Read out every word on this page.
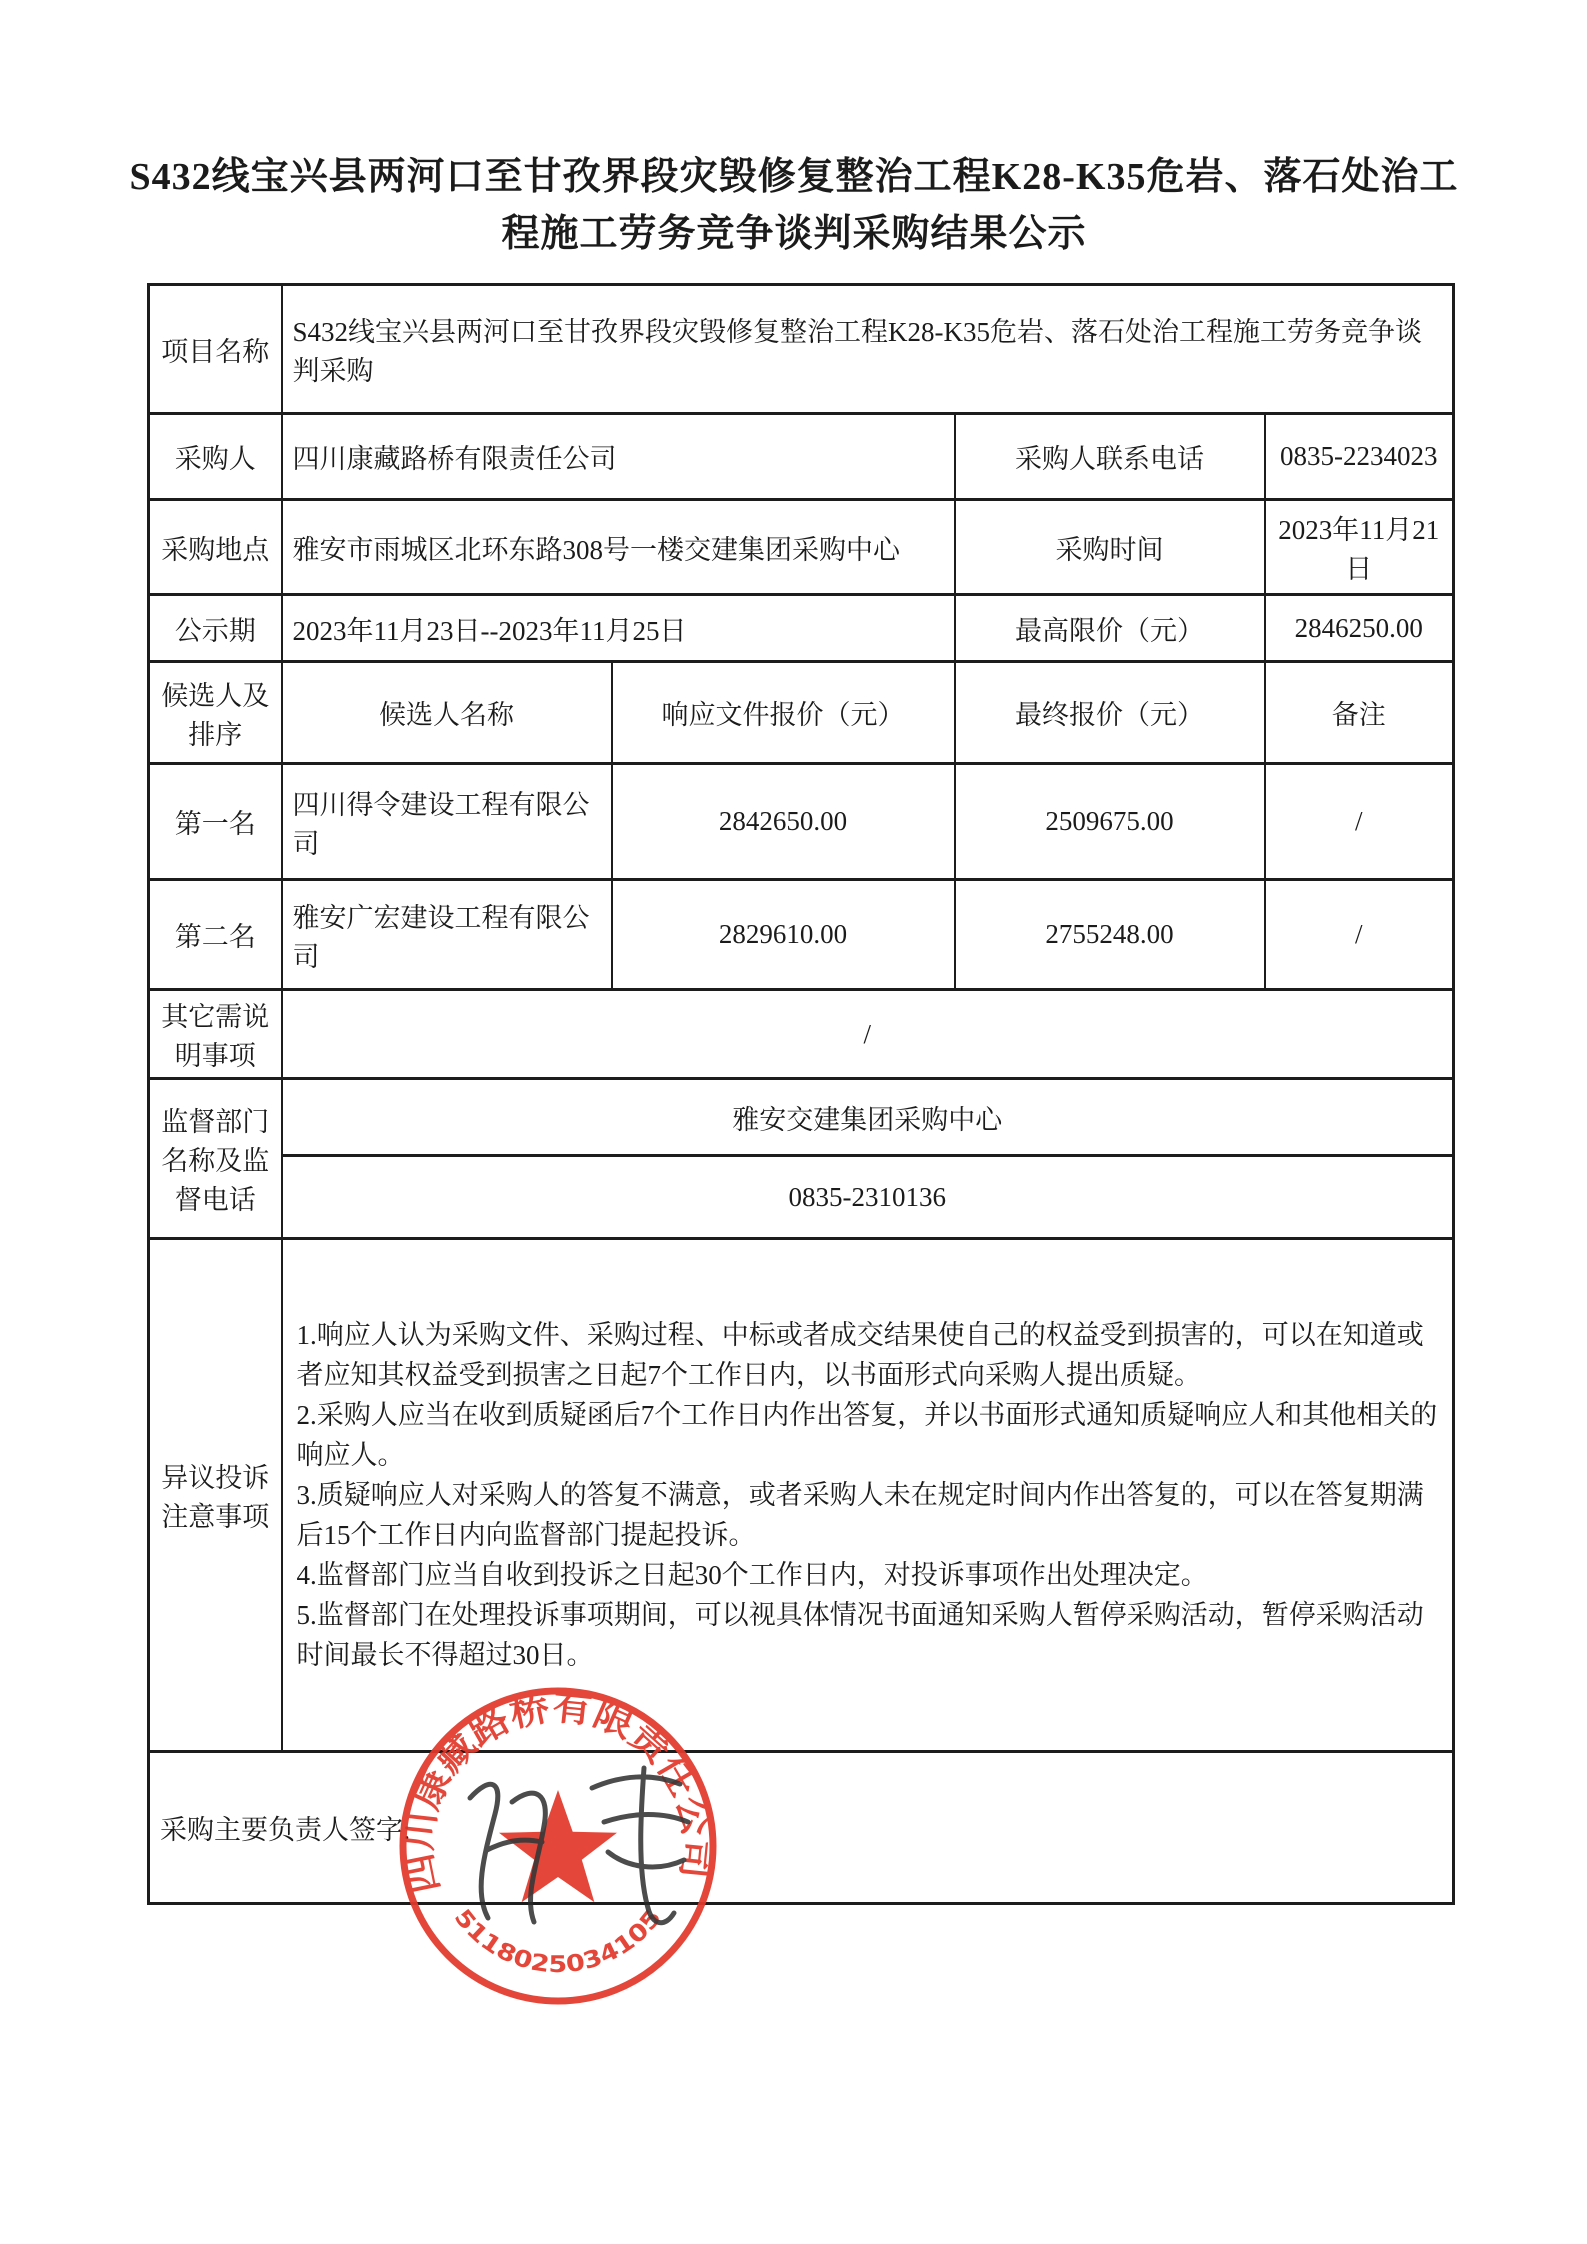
S432线宝兴县两河口至甘孜界段灾毁修复整治工程K28-K35危岩、落石处治工程施工劳务竞争谈判采购结果公示
项目名称	S432线宝兴县两河口至甘孜界段灾毁修复整治工程K28-K35危岩、落石处治工程施工劳务竞争谈判采购			
采购人	四川康藏路桥有限责任公司		采购人联系电话	0835-2234023
采购地点	雅安市雨城区北环东路308号一楼交建集团采购中心		采购时间	2023年11月21日
公示期	2023年11月23日--2023年11月25日		最高限价（元）	2846250.00
候选人及排序	候选人名称	响应文件报价（元）	最终报价（元）	备注
第一名	四川得令建设工程有限公司	2842650.00	2509675.00	/
第二名	雅安广宏建设工程有限公司	2829610.00	2755248.00	/
其它需说明事项	/			
监督部门名称及监督电话	雅安交建集团采购中心			
	0835-2310136			
异议投诉注意事项	1.响应人认为采购文件、采购过程、中标或者成交结果使自己的权益受到损害的，可以在知道或者应知其权益受到损害之日起7个工作日内，以书面形式向采购人提出质疑。
2.采购人应当在收到质疑函后7个工作日内作出答复，并以书面形式通知质疑响应人和其他相关的响应人。
3.质疑响应人对采购人的答复不满意，或者采购人未在规定时间内作出答复的，可以在答复期满后15个工作日内向监督部门提起投诉。
4.监督部门应当自收到投诉之日起30个工作日内，对投诉事项作出处理决定。
5.监督部门在处理投诉事项期间，可以视具体情况书面通知采购人暂停采购活动，暂停采购活动时间最长不得超过30日。			

采购主要负责人签字:				
四川康藏路桥有限责任公司
5118025034105
